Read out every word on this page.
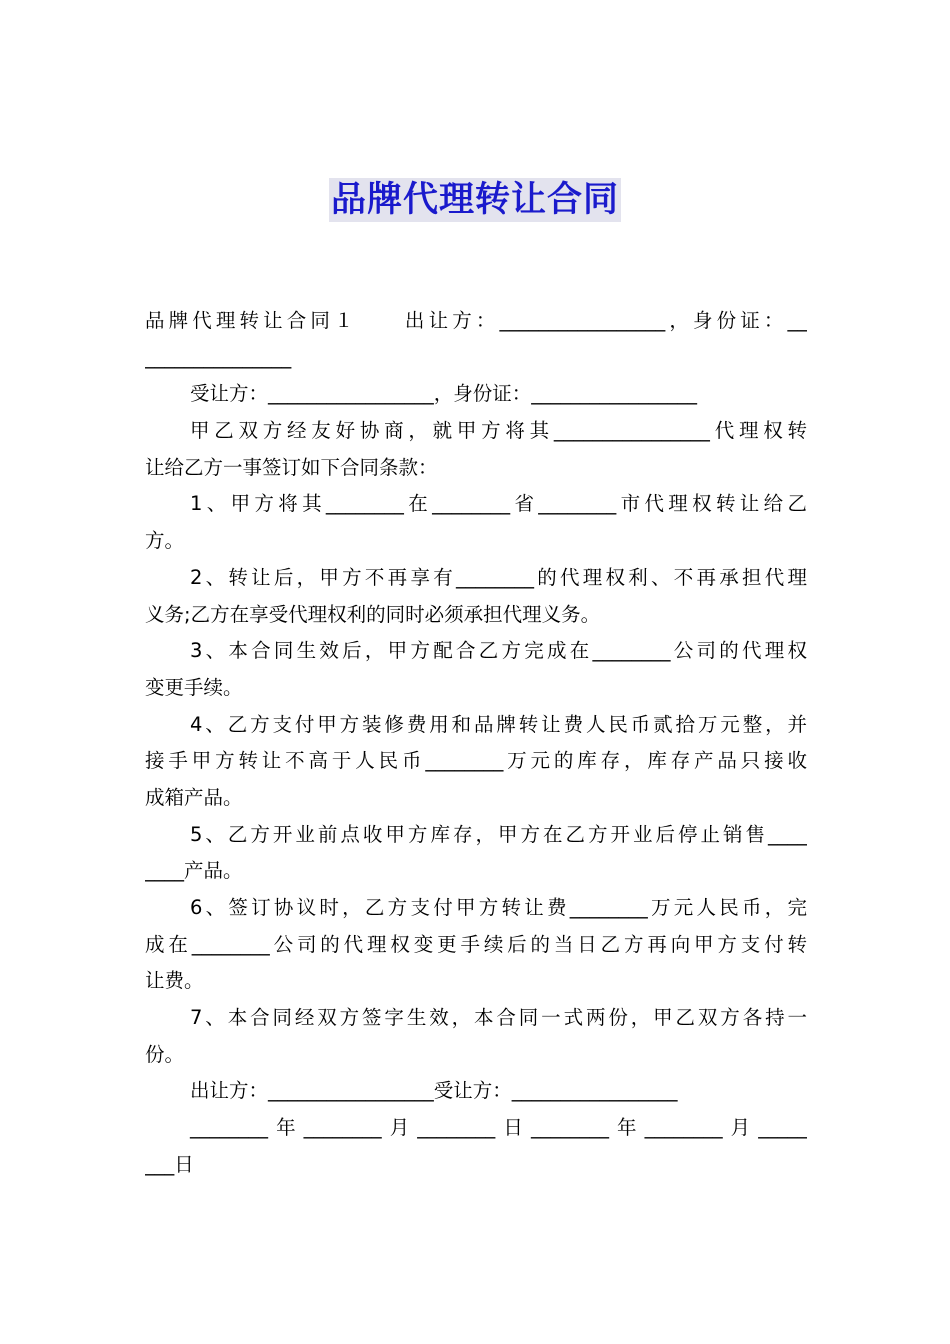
品牌代理转让合同
品牌代理转让合同１　　出让方：_________________，身份证：__
_______________
受让方：_________________，身份证：_________________
甲乙双方经友好协商，就甲方将其________________代理权转
让给乙方一事签订如下合同条款：
1、甲方将其________在________省________市代理权转让给乙
方。
2、转让后，甲方不再享有________的代理权利、不再承担代理
义务;乙方在享受代理权利的同时必须承担代理义务。
3、本合同生效后，甲方配合乙方完成在________公司的代理权
变更手续。
4、乙方支付甲方装修费用和品牌转让费人民币贰拾万元整，并
接手甲方转让不高于人民币________万元的库存，库存产品只接收
成箱产品。
5、乙方开业前点收甲方库存，甲方在乙方开业后停止销售____
____产品。
6、签订协议时，乙方支付甲方转让费________万元人民币，完
成在________公司的代理权变更手续后的当日乙方再向甲方支付转
让费。
7、本合同经双方签字生效，本合同一式两份，甲乙双方各持一
份。
出让方：_________________受让方：_________________
________年________月________日________年________月_____
___日
